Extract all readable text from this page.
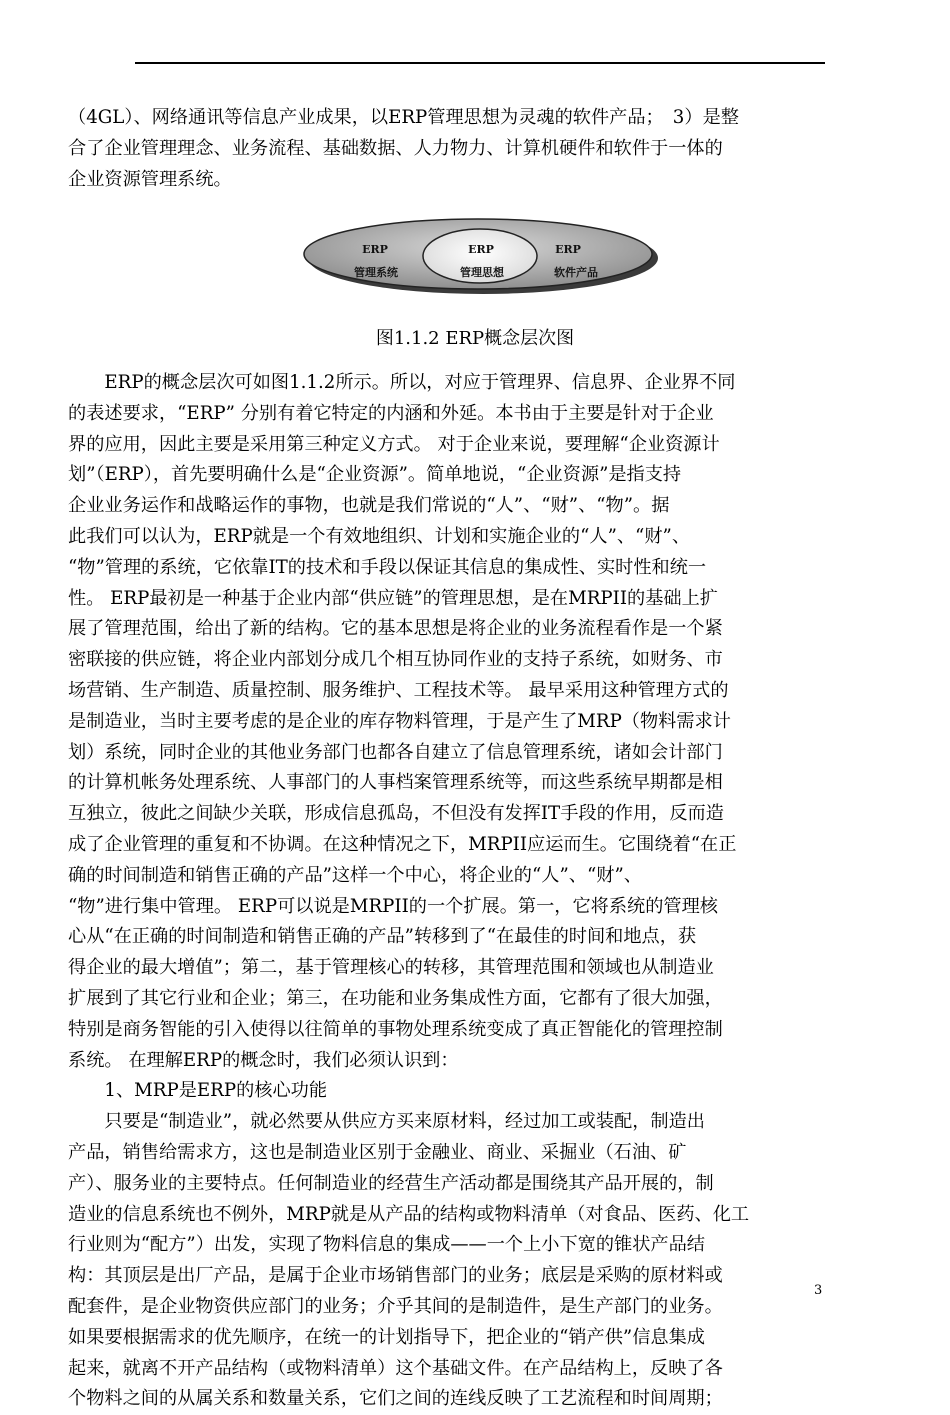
（4GL）、网络通讯等信息产业成果，以ERP管理思想为灵魂的软件产品；　3）是整
合了企业管理理念、业务流程、基础数据、人力物力、计算机硬件和软件于一体的
企业资源管理系统。
ERP
管理系统
ERP
管理思想
ERP
软件产品
图1.1.2 ERP概念层次图
　　ERP的概念层次可如图1.1.2所示。所以，对应于管理界、信息界、企业界不同
的表述要求，“ERP” 分别有着它特定的内涵和外延。本书由于主要是针对于企业
界的应用，因此主要是采用第三种定义方式。 对于企业来说，要理解“企业资源计
划”（ERP），首先要明确什么是“企业资源”。简单地说，“企业资源”是指支持
企业业务运作和战略运作的事物，也就是我们常说的“人”、“财”、“物”。据
此我们可以认为，ERP就是一个有效地组织、计划和实施企业的“人”、“财”、
“物”管理的系统，它依靠IT的技术和手段以保证其信息的集成性、实时性和统一
性。 ERP最初是一种基于企业内部“供应链”的管理思想，是在MRPII的基础上扩
展了管理范围，给出了新的结构。它的基本思想是将企业的业务流程看作是一个紧
密联接的供应链，将企业内部划分成几个相互协同作业的支持子系统，如财务、市
场营销、生产制造、质量控制、服务维护、工程技术等。 最早采用这种管理方式的
是制造业，当时主要考虑的是企业的库存物料管理，于是产生了MRP（物料需求计
划）系统，同时企业的其他业务部门也都各自建立了信息管理系统，诸如会计部门
的计算机帐务处理系统、人事部门的人事档案管理系统等，而这些系统早期都是相
互独立，彼此之间缺少关联，形成信息孤岛，不但没有发挥IT手段的作用，反而造
成了企业管理的重复和不协调。在这种情况之下，MRPII应运而生。它围绕着“在正
确的时间制造和销售正确的产品”这样一个中心，将企业的“人”、“财”、
“物”进行集中管理。 ERP可以说是MRPII的一个扩展。第一，它将系统的管理核
心从“在正确的时间制造和销售正确的产品”转移到了“在最佳的时间和地点，获
得企业的最大增值”；第二，基于管理核心的转移，其管理范围和领域也从制造业
扩展到了其它行业和企业；第三，在功能和业务集成性方面，它都有了很大加强，
特别是商务智能的引入使得以往简单的事物处理系统变成了真正智能化的管理控制
系统。 在理解ERP的概念时，我们必须认识到：
　　1、MRP是ERP的核心功能
　　只要是“制造业”，就必然要从供应方买来原材料，经过加工或装配，制造出
产品，销售给需求方，这也是制造业区别于金融业、商业、采掘业（石油、矿
产）、服务业的主要特点。任何制造业的经营生产活动都是围绕其产品开展的，制
造业的信息系统也不例外，MRP就是从产品的结构或物料清单（对食品、医药、化工
行业则为“配方”）出发，实现了物料信息的集成——一个上小下宽的锥状产品结
构：其顶层是出厂产品，是属于企业市场销售部门的业务；底层是采购的原材料或
配套件，是企业物资供应部门的业务；介乎其间的是制造件，是生产部门的业务。
如果要根据需求的优先顺序，在统一的计划指导下，把企业的“销产供”信息集成
起来，就离不开产品结构（或物料清单）这个基础文件。在产品结构上，反映了各
个物料之间的从属关系和数量关系，它们之间的连线反映了工艺流程和时间周期；
3
